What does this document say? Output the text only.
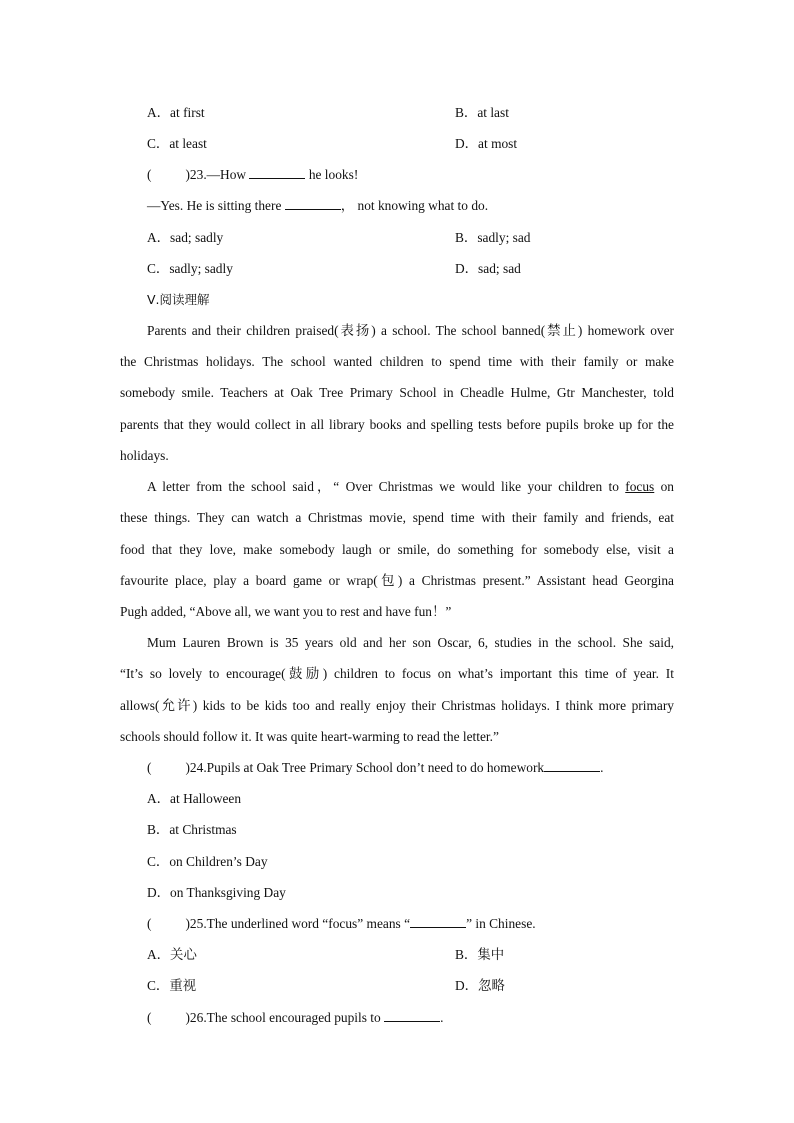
A．at first	B．at last
C．at least	D．at most
(	)23.—How	he looks!
—Yes. He is sitting there	， not knowing what to do.
A．sad; sadly	B．sadly; sad
C．sadly; sadly	D．sad; sad
Ⅴ.阅读理解
Parents and their children praised(表扬) a school. The school banned(禁止) homework over
the Christmas holidays. The school wanted children to spend time with their family or make
somebody smile. Teachers at Oak Tree Primary School in Cheadle Hulme, Gtr Manchester, told
parents that they would collect in all library books and spelling tests before pupils broke up for the
holidays.
A letter from the school said，“ Over Christmas we would like your children to focus on
these things. They can watch a Christmas movie, spend time with their family and friends, eat
food that they love, make somebody laugh or smile, do something for somebody else, visit a
favourite place, play a board game or wrap(包) a Christmas present.” Assistant head Georgina
Pugh added, “Above all, we want you to rest and have fun！”
Mum Lauren Brown is 35 years old and her son Oscar, 6, studies in the school. She said,
“It’s so lovely to encourage(鼓励) children to focus on what’s important this time of year. It
allows(允许) kids to be kids too and really enjoy their Christmas holidays. I think more primary
schools should follow it. It was quite heart-warming to read the letter.”
(	)24.Pupils at Oak Tree Primary School don’t need to do homework	.
A．at Halloween
B．at Christmas
C．on Children’s Day
D．on Thanksgiving Day
(	)25.The underlined word “focus” means “	” in Chinese.
A．关心	B．集中
C．重视	D．忽略
(	)26.The school encouraged pupils to	.
